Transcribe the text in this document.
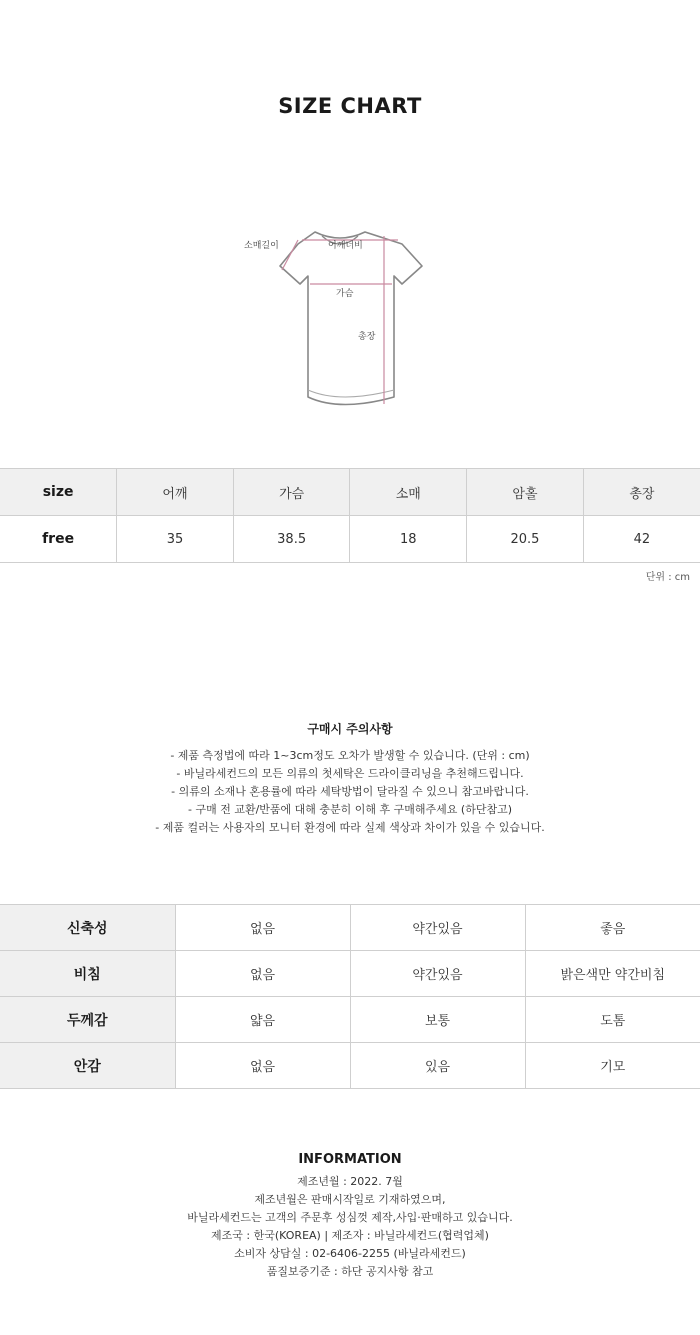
SIZE CHART
소매길이	어깨너비
가슴
총장
size	어깨	가슴	소매	암홀	총장
free	35	38.5	18	20.5	42
단위 : cm
구매시 주의사항

- 제품 측정법에 따라 1~3cm정도 오차가 발생할 수 있습니다. (단위 : cm)

- 바닐라세컨드의 모든 의류의 첫세탁은 드라이클리닝을 추천해드립니다.

- 의류의 소재나 혼용률에 따라 세탁방법이 달라질 수 있으니 참고바랍니다.

- 구매 전 교환/반품에 대해 충분히 이해 후 구매해주세요 (하단참고)

- 제품 컬러는 사용자의 모니터 환경에 따라 실제 색상과 차이가 있을 수 있습니다.

신축성	없음	약간있음	좋음
비침	없음	약간있음	밝은색만 약간비침
두께감	얇음	보통	도톰
안감	없음	있음	기모
INFORMATION

제조년월 : 2022. 7월

제조년월은 판매시작일로 기재하였으며,

바닐라세컨드는 고객의 주문후 성심껏 제작,사입·판매하고 있습니다.

제조국 : 한국(KOREA) | 제조자 : 바닐라세컨드(협력업체)

소비자 상담실 : 02-6406-2255 (바닐라세컨드)

품질보증기준 : 하단 공지사항 참고
